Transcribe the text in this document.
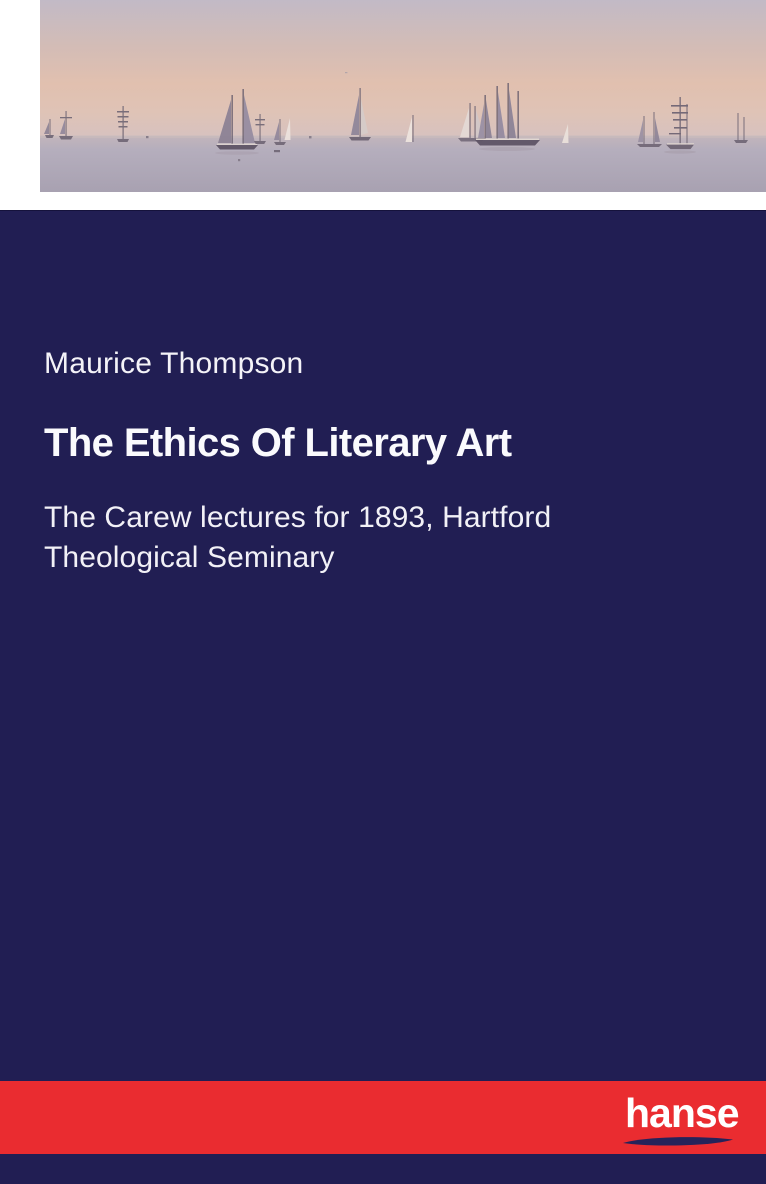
Maurice Thompson
The Ethics Of Literary Art
The Carew lectures for 1893, Hartford
Theological Seminary
hanse
